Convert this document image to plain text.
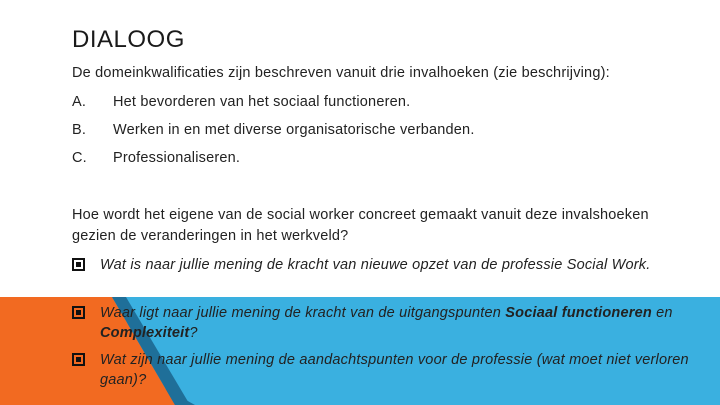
DIALOOG
De domeinkwalificaties zijn beschreven vanuit drie invalhoeken (zie beschrijving):
A.	Het bevorderen van het sociaal functioneren.
B.	Werken in en met diverse organisatorische verbanden.
C.	Professionaliseren.
Hoe wordt het eigene van de social worker concreet gemaakt vanuit deze invalshoeken gezien de veranderingen in het werkveld?
Wat is naar jullie mening de kracht van nieuwe opzet van de professie Social Work.
Waar ligt naar jullie mening de kracht van de uitgangspunten Sociaal functioneren en Complexiteit?
Wat zijn naar jullie mening de aandachtspunten voor de professie (wat moet niet verloren gaan)?
